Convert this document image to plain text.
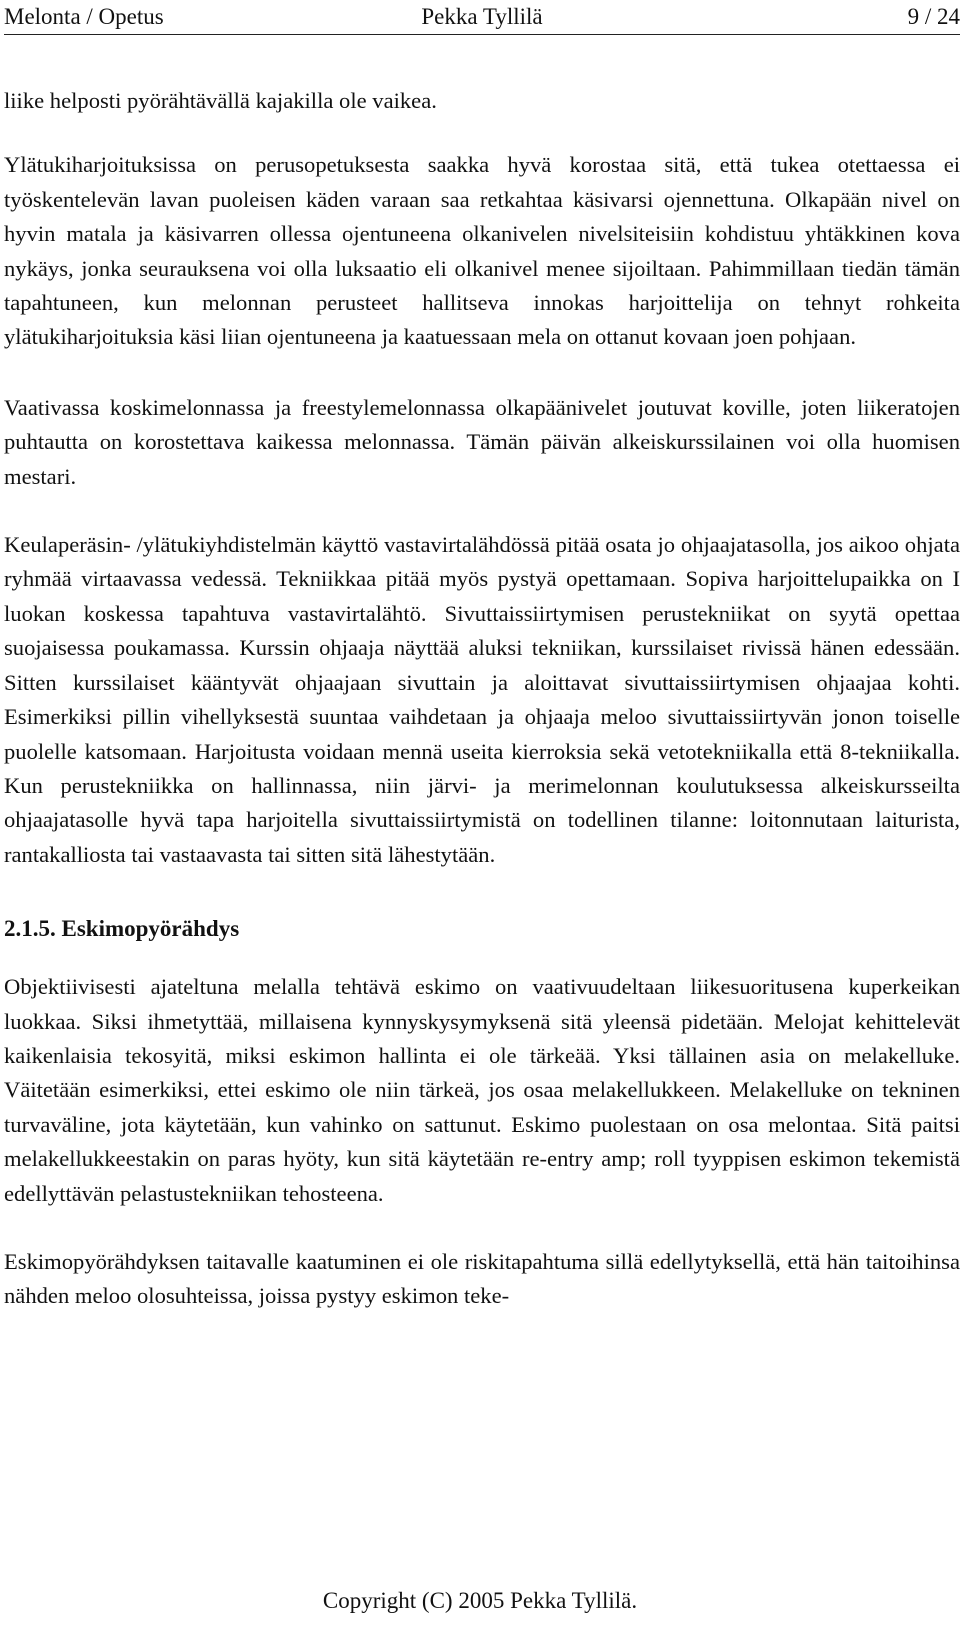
Melonta / Opetus	Pekka Tyllilä	9 / 24

liike helposti pyörähtävällä kajakilla ole vaikea.

Ylätukiharjoituksissa on perusopetuksesta saakka hyvä korostaa sitä, että tukea otettaessa ei työskentelevän lavan puoleisen käden varaan saa retkahtaa käsivarsi ojennettuna. Olkapään nivel on hyvin matala ja käsivarren ollessa ojentuneena olkanivelen nivelsiteisiin kohdistuu yhtäkkinen kova nykäys, jonka seurauksena voi olla luksaatio eli olkanivel menee sijoiltaan. Pahimmillaan tiedän tämän tapahtuneen, kun melonnan perusteet hallitseva innokas harjoittelija on tehnyt rohkeita ylätukiharjoituksia käsi liian ojentuneena ja kaatuessaan mela on ottanut kovaan joen pohjaan.

Vaativassa koskimelonnassa ja freestylemelonnassa olkapäänivelet joutuvat koville, joten liikeratojen puhtautta on korostettava kaikessa melonnassa. Tämän päivän alkeiskurssilainen voi olla huomisen mestari.

Keulaperäsin- /ylätukiyhdistelmän käyttö vastavirtalähdössä pitää osata jo ohjaajatasolla, jos aikoo ohjata ryhmää virtaavassa vedessä. Tekniikkaa pitää myös pystyä opettamaan. Sopiva harjoittelupaikka on I luokan koskessa tapahtuva vastavirtalähtö. Sivuttaissiirtymisen perustekniikat on syytä opettaa suojaisessa poukamassa. Kurssin ohjaaja näyttää aluksi tekniikan, kurssilaiset rivissä hänen edessään. Sitten kurssilaiset kääntyvät ohjaajaan sivuttain ja aloittavat sivuttaissiirtymisen ohjaajaa kohti. Esimerkiksi pillin vihellyksestä suuntaa vaihdetaan ja ohjaaja meloo sivuttaissiirtyvän jonon toiselle puolelle katsomaan. Harjoitusta voidaan mennä useita kierroksia sekä vetotekniikalla että 8-tekniikalla. Kun perustekniikka on hallinnassa, niin järvi- ja merimelonnan koulutuksessa alkeiskursseilta ohjaajatasolle hyvä tapa harjoitella sivuttaissiirtymistä on todellinen tilanne: loitonnutaan laiturista, rantakalliosta tai vastaavasta tai sitten sitä lähestytään.

2.1.5. Eskimopyörähdys

Objektiivisesti ajateltuna melalla tehtävä eskimo on vaativuudeltaan liikesuoritusena kuperkeikan luokkaa. Siksi ihmetyttää, millaisena kynnyskysymyksenä sitä yleensä pidetään. Melojat kehittelevät kaikenlaisia tekosyitä, miksi eskimon hallinta ei ole tärkeää. Yksi tällainen asia on melakelluke. Väitetään esimerkiksi, ettei eskimo ole niin tärkeä, jos osaa melakellukkeen. Melakelluke on tekninen turvaväline, jota käytetään, kun vahinko on sattunut. Eskimo puolestaan on osa melontaa. Sitä paitsi melakellukkeestakin on paras hyöty, kun sitä käytetään re-entry amp; roll tyyppisen eskimon tekemistä edellyttävän pelastustekniikan tehosteena.

Eskimopyörähdyksen taitavalle kaatuminen ei ole riskitapahtuma sillä edellytyksellä, että hän taitoihinsa nähden meloo olosuhteissa, joissa pystyy eskimon teke-

Copyright (C) 2005 Pekka Tyllilä.
